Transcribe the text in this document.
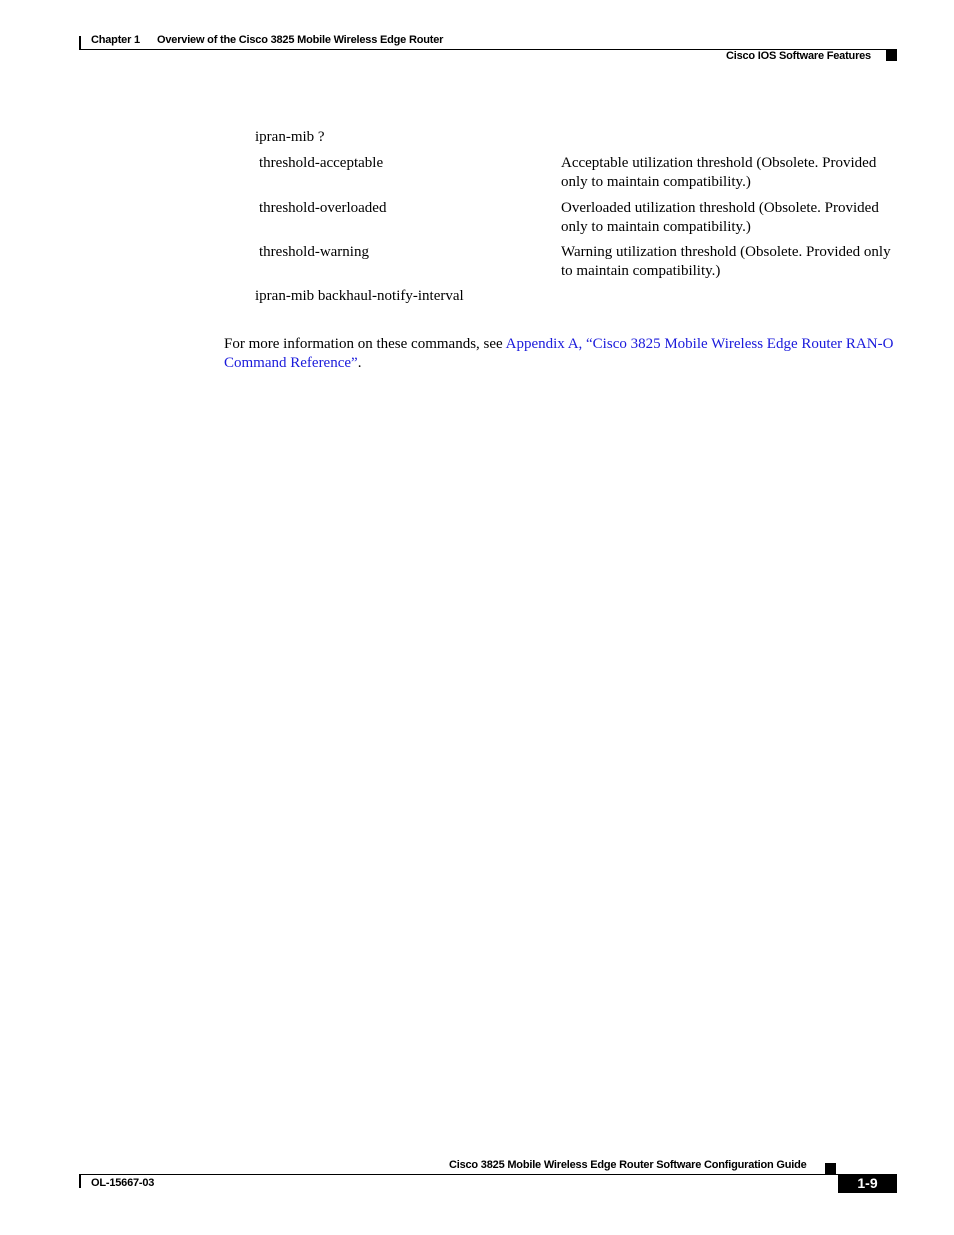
Chapter 1 Overview of the Cisco 3825 Mobile Wireless Edge Router
Cisco IOS Software Features
ipran-mib ?
threshold-acceptable	Acceptable utilization threshold (Obsolete. Provided only to maintain compatibility.)
threshold-overloaded	Overloaded utilization threshold (Obsolete. Provided only to maintain compatibility.)
threshold-warning	Warning utilization threshold (Obsolete. Provided only to maintain compatibility.)
ipran-mib backhaul-notify-interval
For more information on these commands, see Appendix A, “Cisco 3825 Mobile Wireless Edge Router RAN-O Command Reference”.
Cisco 3825 Mobile Wireless Edge Router Software Configuration Guide
OL-15667-03	1-9
